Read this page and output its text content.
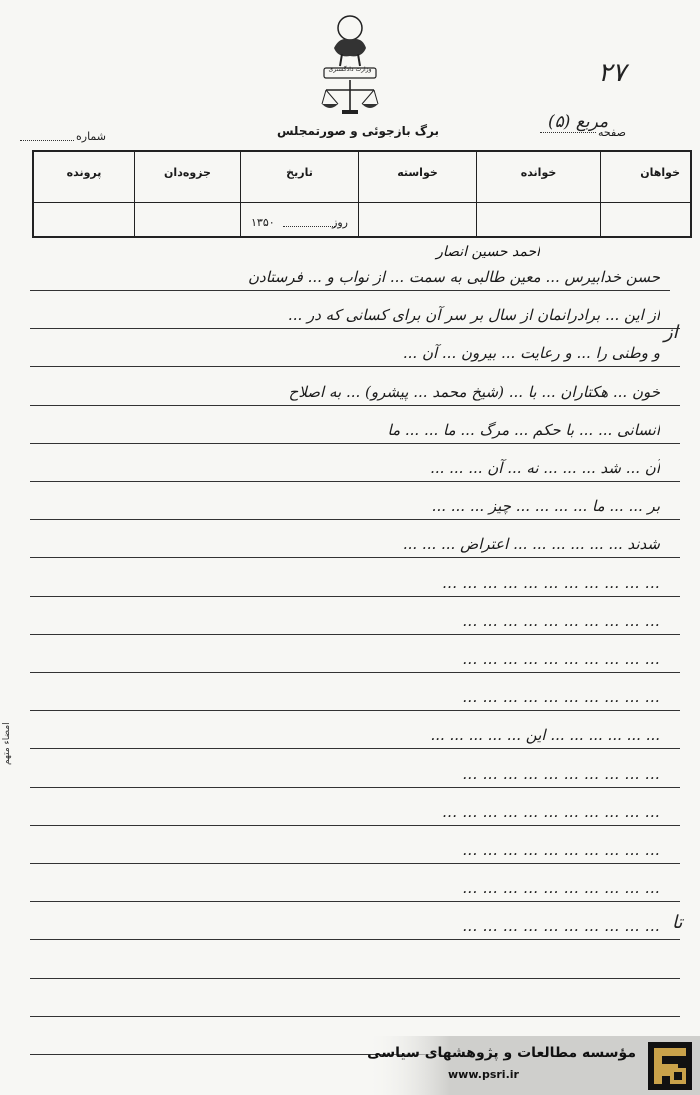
وزارت دادگستری	٢٧
صفحه
مربع (۵)
برگ بازجوئی و صورتمجلس
شماره
خواهان
خوانده
خواسته
تاریخ
روز
۱۳۵۰
جزوه‌دان
پرونده
حسن خدابیرس ... معین طالبی به سمت ... از نواب و ... فرستادن
از این ... برادرانمان از سال بر سر آن برای کسانی که در ...
و وطنی را ... و رعایت ... بیرون ... آن ...
خون ... هکتاران ... با ... (شیخ محمد ... پیشرو) ... به اصلاح
انسانی ... ... با حکم ... مرگ ... ما ... ... ما
آن ... شد ... ... ... نه ... آن ... ... ...
بر ... ... ما ... ... ... ... چیز ... ... ...
شدند ... ... ... ... ... ... اعتراض ... ... ...
... ... ... ... ... ... ... ... ... ... ...
... ... ... ... ... ... ... ... ... ...
... ... ... ... ... ... ... ... ... ...
... ... ... ... ... ... ... ... ... ...
... ... ... ... ... ... این ... ... ... ... ...
... ... ... ... ... ... ... ... ... ...
... ... ... ... ... ... ... ... ... ... ...
... ... ... ... ... ... ... ... ... ...
... ... ... ... ... ... ... ... ... ...
... ... ... ... ... ... ... ... ... ...
احمد حسین انصار
از
تا
امضاء متهم
مؤسسه مطالعات و پژوهشهای سیاسی
www.psri.ir
